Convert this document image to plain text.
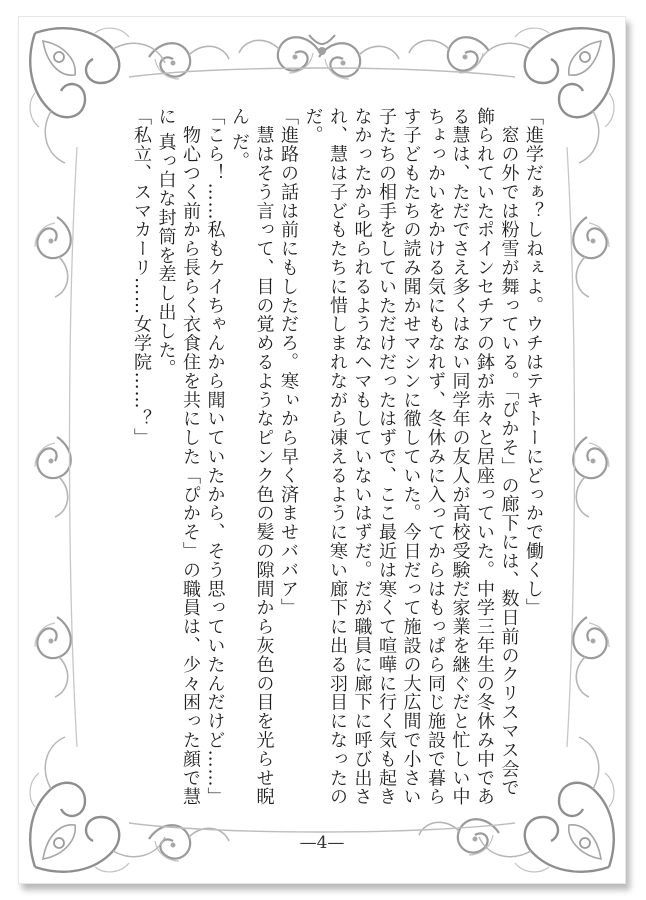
「進学だぁ？しねぇよ。ウチはテキトーにどっかで働くし」

　窓の外では粉雪が舞っている。「ぴかそ」の廊下には、数日前のクリスマス会で飾られていたポインセチアの鉢が赤々と居座っていた。中学三年生の冬休み中であ る慧は、ただでさえ多くはない同学年の友人が高校受験だ家業を継ぐだと忙しい中 ちょっかいをかける気にもなれず、冬休みに入ってからはもっぱら同じ施設で暮ら す子どもたちの読み聞かせマシンに徹していた。今日だって施設の大広間で小さい 子たちの相手をしていただけだったはずで、ここ最近は寒くて喧嘩に行く気も起き なかったから叱られるようなヘマもしていないはずだ。だが職員に廊下に呼び出さ れ、慧は子どもたちに惜しまれながら凍えるように寒い廊下に出る羽目になったの だ。

「進路の話は前にもしただろ。寒ぃから早く済ませババア」

　慧はそう言って、目の覚めるようなピンク色の髪の隙間から灰色の目を光らせ睨ん だ。

「こら！……私もケイちゃんから聞いていたから、そう思っていたんだけど……」

　物心つく前から長らく衣食住を共にした「ぴかそ」の職員は、少々困った顔で慧に 真っ白な封筒を差し出した。

「私立、スマカーリ……女学院……？」

—4—
